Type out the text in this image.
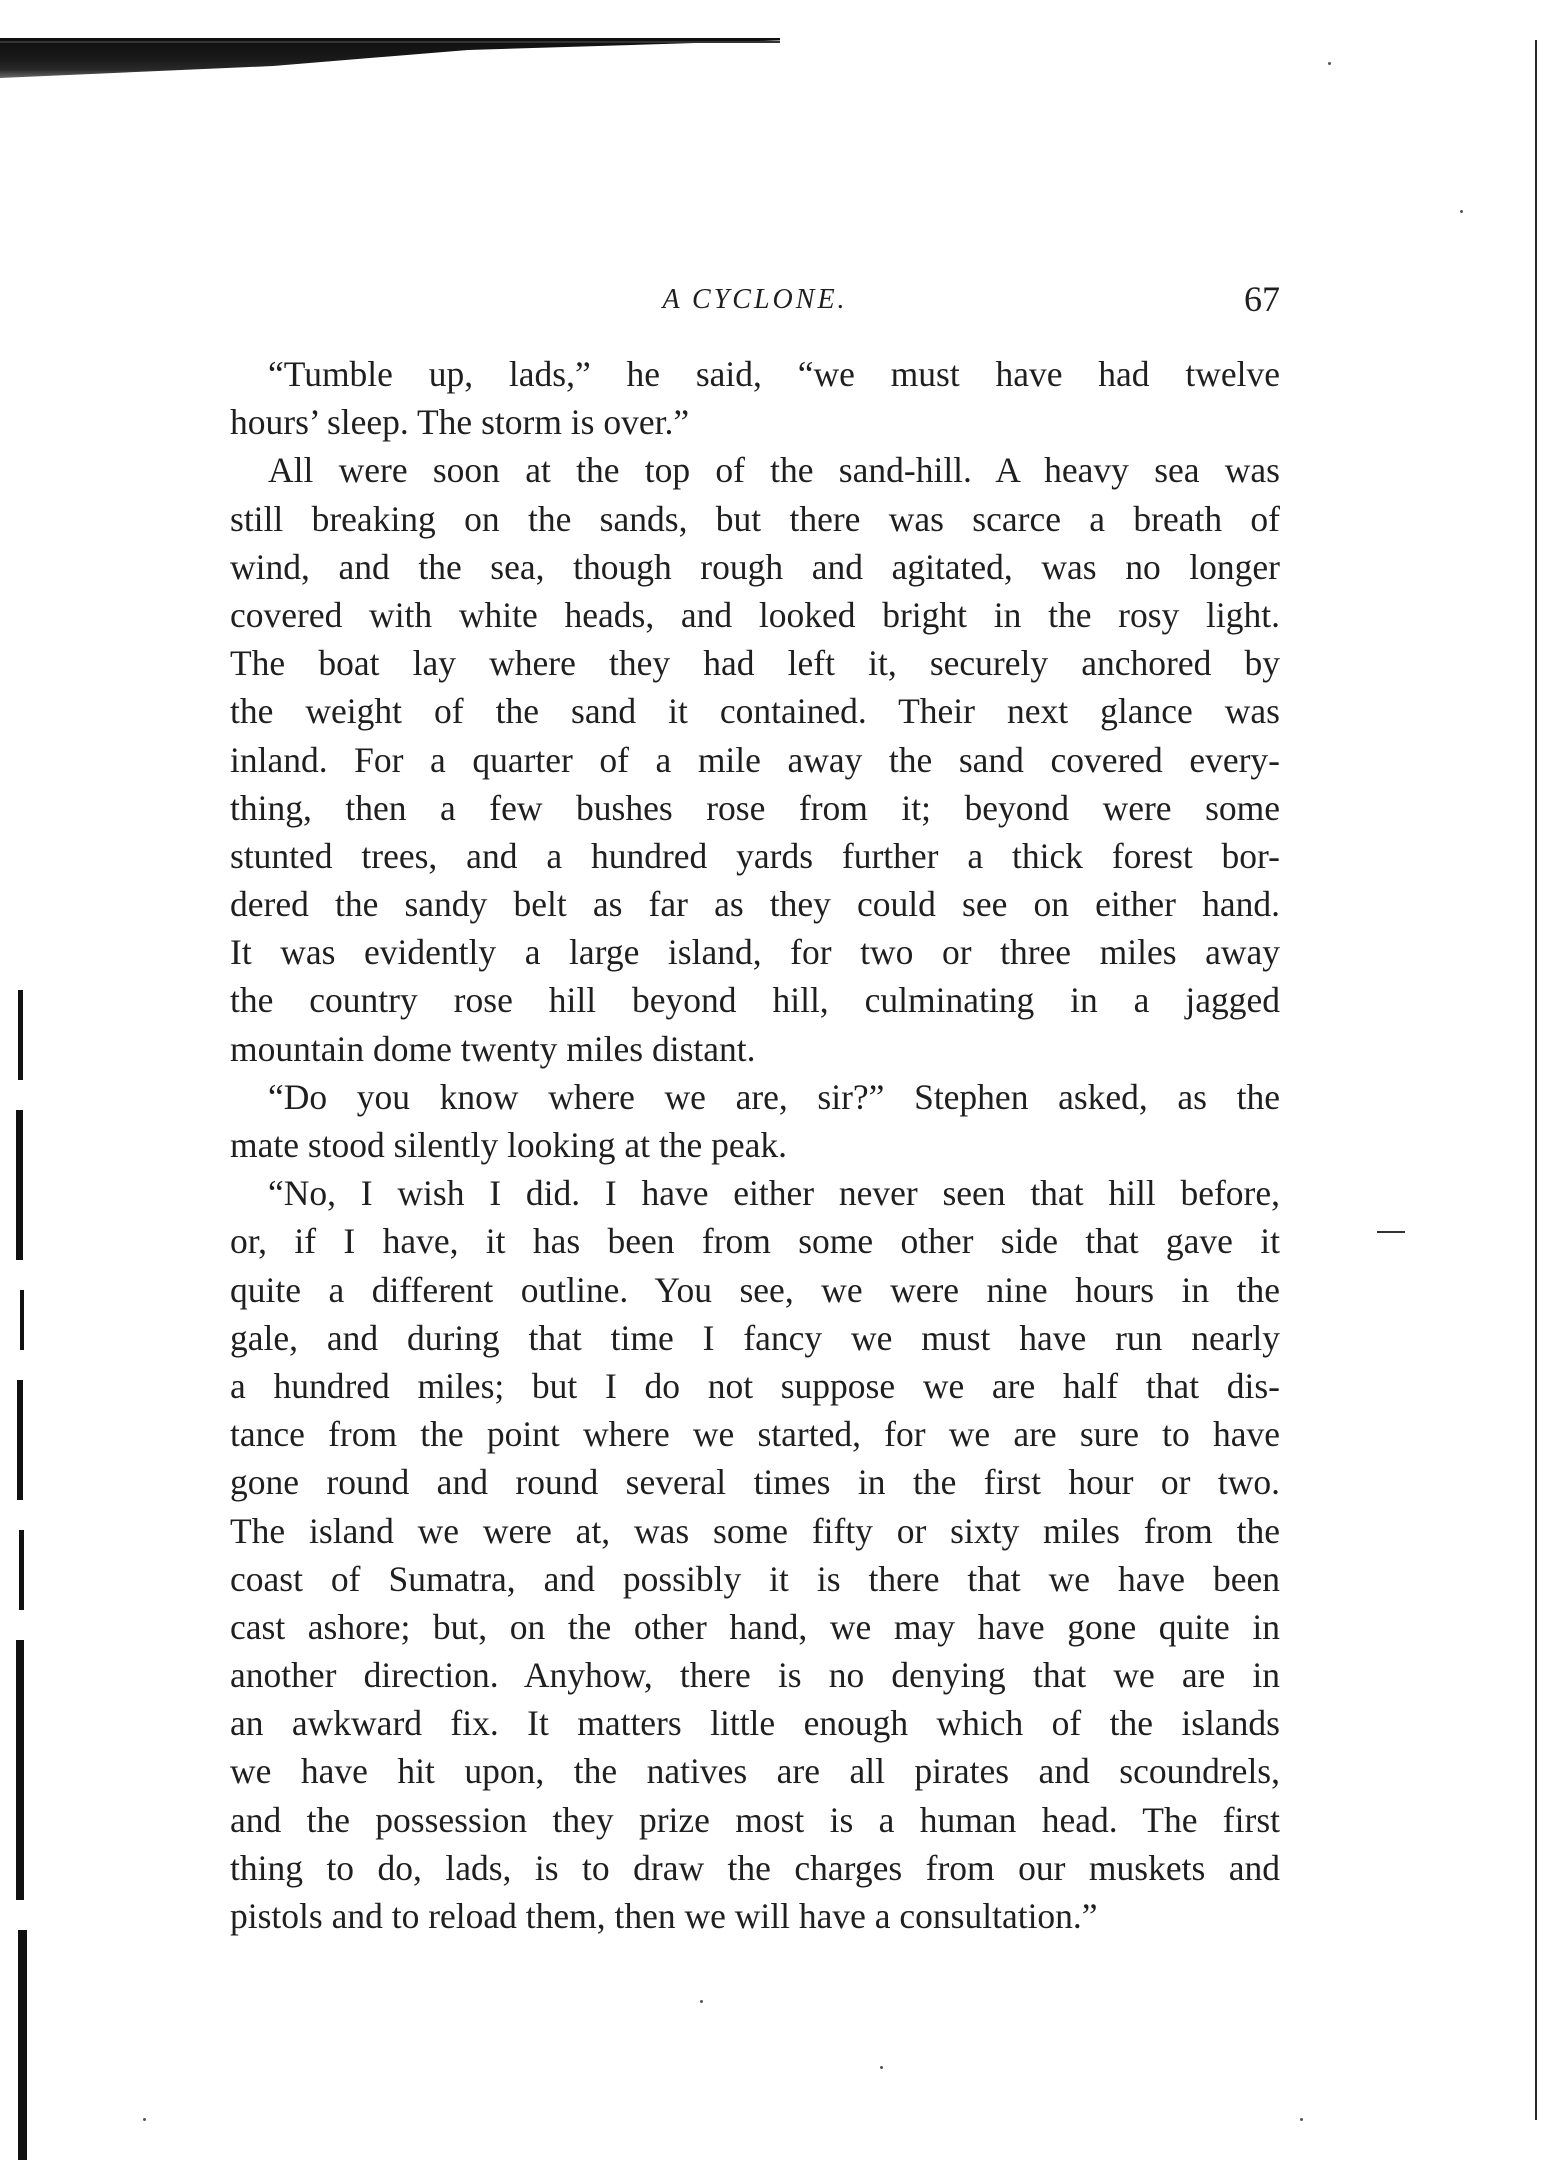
A CYCLONE.	67
“Tumble up, lads,” he said, “we must have had twelve
hours’ sleep. The storm is over.”
All were soon at the top of the sand-hill. A heavy sea was
still breaking on the sands, but there was scarce a breath of
wind, and the sea, though rough and agitated, was no longer
covered with white heads, and looked bright in the rosy light.
The boat lay where they had left it, securely anchored by
the weight of the sand it contained. Their next glance was
inland. For a quarter of a mile away the sand covered every-
thing, then a few bushes rose from it; beyond were some
stunted trees, and a hundred yards further a thick forest bor-
dered the sandy belt as far as they could see on either hand.
It was evidently a large island, for two or three miles away
the country rose hill beyond hill, culminating in a jagged
mountain dome twenty miles distant.
“Do you know where we are, sir?” Stephen asked, as the
mate stood silently looking at the peak.
“No, I wish I did. I have either never seen that hill before,
or, if I have, it has been from some other side that gave it
quite a different outline. You see, we were nine hours in the
gale, and during that time I fancy we must have run nearly
a hundred miles; but I do not suppose we are half that dis-
tance from the point where we started, for we are sure to have
gone round and round several times in the first hour or two.
The island we were at, was some fifty or sixty miles from the
coast of Sumatra, and possibly it is there that we have been
cast ashore; but, on the other hand, we may have gone quite in
another direction. Anyhow, there is no denying that we are in
an awkward fix. It matters little enough which of the islands
we have hit upon, the natives are all pirates and scoundrels,
and the possession they prize most is a human head. The first
thing to do, lads, is to draw the charges from our muskets and
pistols and to reload them, then we will have a consultation.”
